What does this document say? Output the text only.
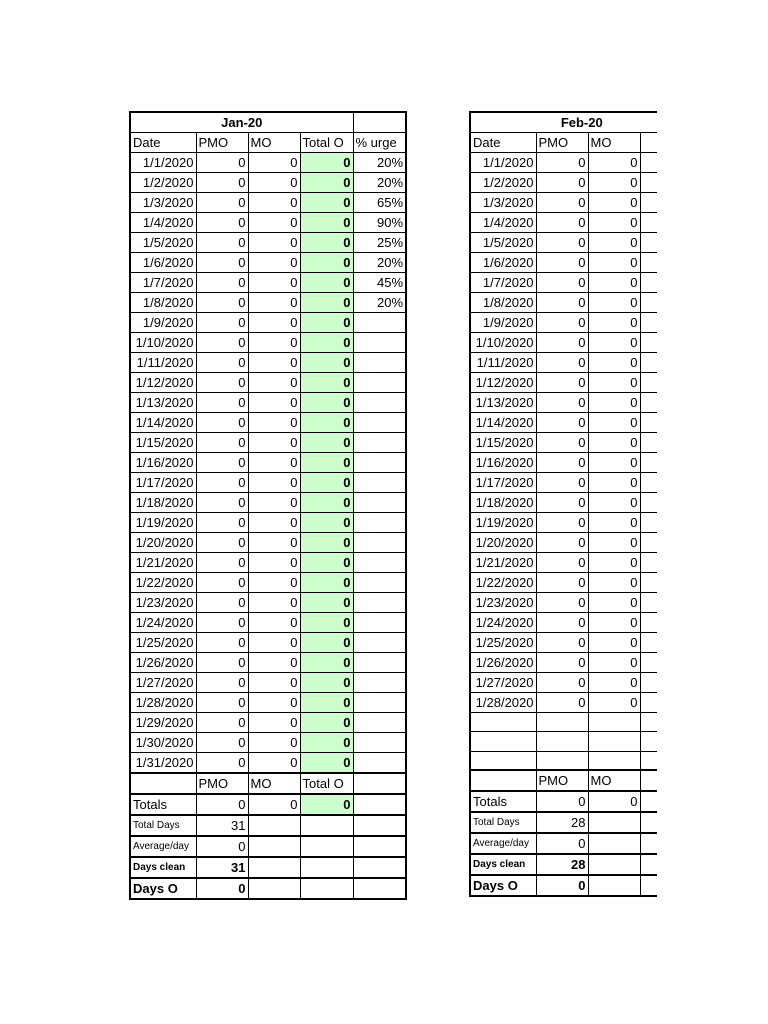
Jan-20				
Date	PMO	MO	Total O	% urge
1/1/2020	0	0	0	20%
1/2/2020	0	0	0	20%
1/3/2020	0	0	0	65%
1/4/2020	0	0	0	90%
1/5/2020	0	0	0	25%
1/6/2020	0	0	0	20%
1/7/2020	0	0	0	45%
1/8/2020	0	0	0	20%
1/9/2020	0	0	0	
1/10/2020	0	0	0	
1/11/2020	0	0	0	
1/12/2020	0	0	0	
1/13/2020	0	0	0	
1/14/2020	0	0	0	
1/15/2020	0	0	0	
1/16/2020	0	0	0	
1/17/2020	0	0	0	
1/18/2020	0	0	0	
1/19/2020	0	0	0	
1/20/2020	0	0	0	
1/21/2020	0	0	0	
1/22/2020	0	0	0	
1/23/2020	0	0	0	
1/24/2020	0	0	0	
1/25/2020	0	0	0	
1/26/2020	0	0	0	
1/27/2020	0	0	0	
1/28/2020	0	0	0	
1/29/2020	0	0	0	
1/30/2020	0	0	0	
1/31/2020	0	0	0	
	PMO	MO	Total O	
Totals	0	0	0	
Total Days	31			
Average/day	0			
Days clean	31			
Days O	0			
Feb-20				
Date	PMO	MO		
1/1/2020	0	0		
1/2/2020	0	0		
1/3/2020	0	0		
1/4/2020	0	0		
1/5/2020	0	0		
1/6/2020	0	0		
1/7/2020	0	0		
1/8/2020	0	0		
1/9/2020	0	0		
1/10/2020	0	0		
1/11/2020	0	0		
1/12/2020	0	0		
1/13/2020	0	0		
1/14/2020	0	0		
1/15/2020	0	0		
1/16/2020	0	0		
1/17/2020	0	0		
1/18/2020	0	0		
1/19/2020	0	0		
1/20/2020	0	0		
1/21/2020	0	0		
1/22/2020	0	0		
1/23/2020	0	0		
1/24/2020	0	0		
1/25/2020	0	0		
1/26/2020	0	0		
1/27/2020	0	0		
1/28/2020	0	0		

	PMO	MO		
Totals	0	0		
Total Days	28			
Average/day	0			
Days clean	28			
Days O	0			
